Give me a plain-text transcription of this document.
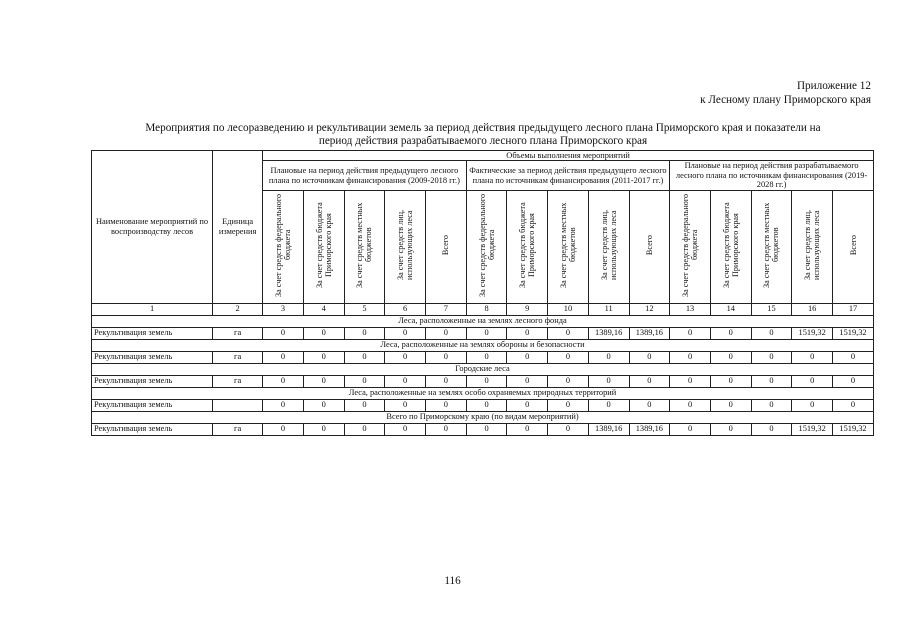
Приложение 12
к Лесному плану Приморского края
Мероприятия по лесоразведению и рекультивации земель за период действия предыдущего лесного плана Приморского края и показатели на
период действия разрабатываемого лесного плана Приморского края
Наименование мероприятий по воспроизводству лесов	Единица измерения	Объемы выполнения мероприятий														
		Плановые на период действия предыдущего лесного плана по источникам финансирования (2009-2018 гг.)					Фактические за период действия предыдущего лесного плана по источникам финансирования (2011-2017 гг.)					Плановые на период действия разрабатываемого лесного плана по источникам финансирования (2019-2028 гг.)				
		За счет средств федерального бюджета	За счет средств бюджета Приморского края	За счет средств местных бюджетов	За счет средств лиц, использующих леса	Всего	За счет средств федерального бюджета	За счет средств бюджета Приморского края	За счет средств местных бюджетов	За счет средств лиц, использующих леса	Всего	За счет средств федерального бюджета	За счет средств бюджета Приморского края	За счет средств местных бюджетов	За счет средств лиц, использующих леса	Всего
1	2	3	4	5	6	7	8	9	10	11	12	13	14	15	16	17
Леса, расположенные на землях лесного фонда																
Рекультивация земель	га	0	0	0	0	0	0	0	0	1389,16	1389,16	0	0	0	1519,32	1519,32
Леса, расположенные на землях обороны и безопасности																
Рекультивация земель	га	0	0	0	0	0	0	0	0	0	0	0	0	0	0	0
Городские леса																
Рекультивация земель	га	0	0	0	0	0	0	0	0	0	0	0	0	0	0	0
Леса, расположенные на землях особо охраняемых природных территорий																
Рекультивация земель		0	0	0	0	0	0	0	0	0	0	0	0	0	0	0
Всего по Приморскому краю (по видам мероприятий)																
Рекультивация земель	га	0	0	0	0	0	0	0	0	1389,16	1389,16	0	0	0	1519,32	1519,32
116
